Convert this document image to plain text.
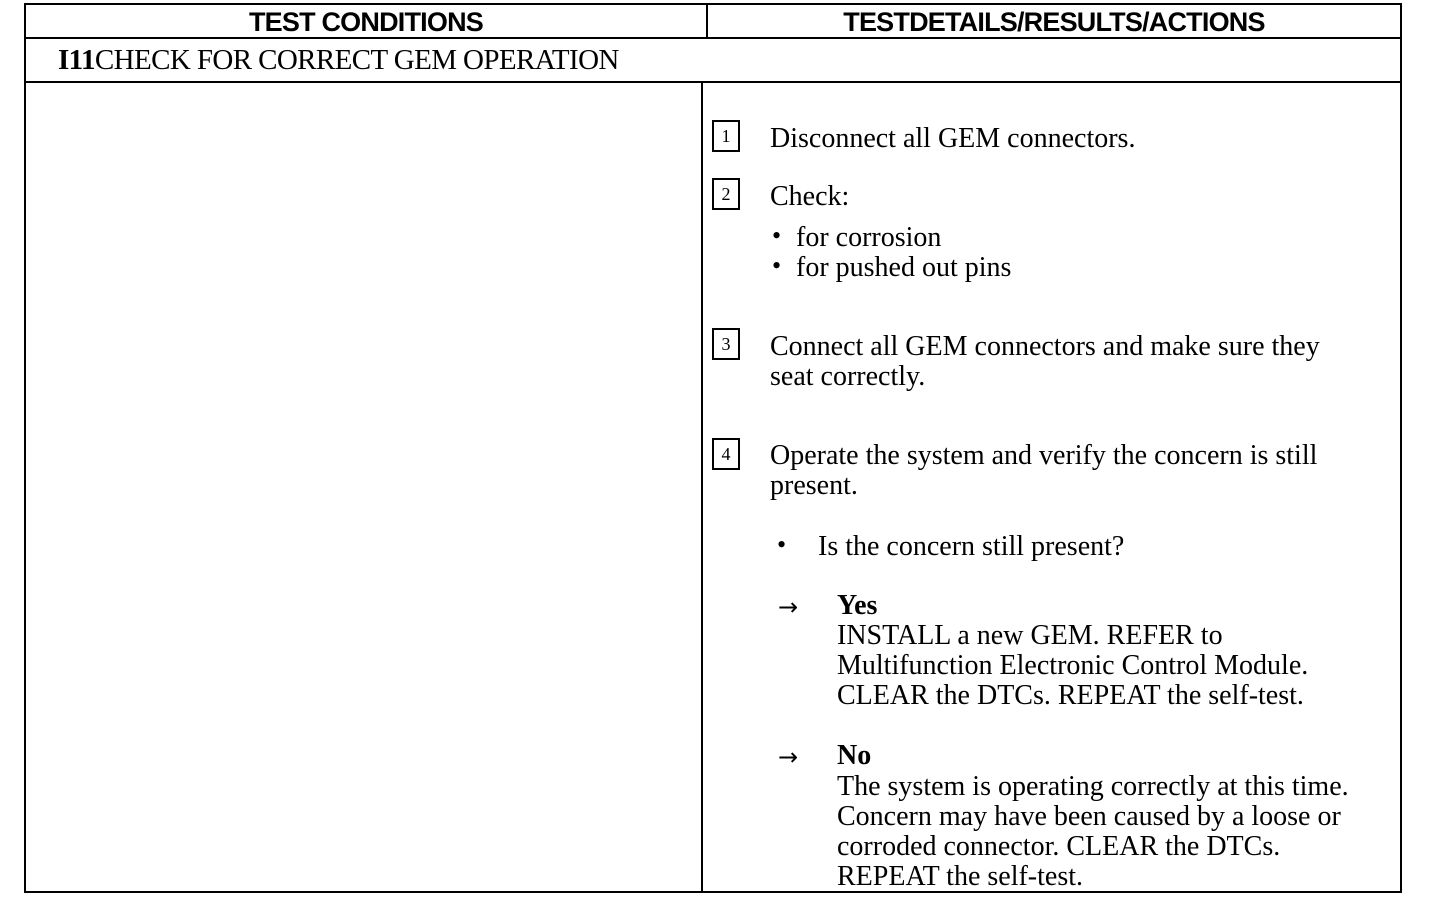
TEST CONDITIONS	TESTDETAILS/RESULTS/ACTIONS
I11CHECK FOR CORRECT GEM OPERATION
1	Disconnect all GEM connectors.
2	Check:
• for corrosion
• for pushed out pins
3	Connect all GEM connectors and make sure they
seat correctly.
4	Operate the system and verify the concern is still
present.
• Is the concern still present?
→ Yes
INSTALL a new GEM. REFER to
Multifunction Electronic Control Module.
CLEAR the DTCs. REPEAT the self-test.
→ No
The system is operating correctly at this time.
Concern may have been caused by a loose or
corroded connector. CLEAR the DTCs.
REPEAT the self-test.
